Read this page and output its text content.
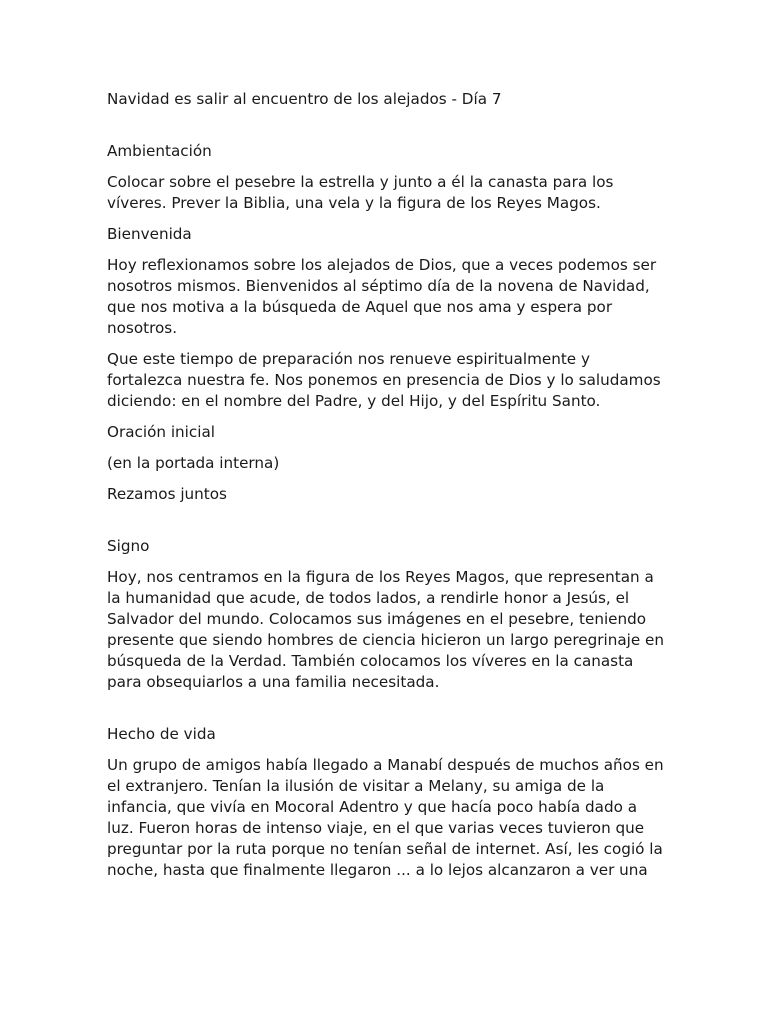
Navidad es salir al encuentro de los alejados - Día 7

Ambientación

Colocar sobre el pesebre la estrella y junto a él la canasta para los víveres. Prever la Biblia, una vela y la figura de los Reyes Magos.

Bienvenida

Hoy reflexionamos sobre los alejados de Dios, que a veces podemos ser nosotros mismos. Bienvenidos al séptimo día de la novena de Navidad, que nos motiva a la búsqueda de Aquel que nos ama y espera por nosotros.

Que este tiempo de preparación nos renueve espiritualmente y fortalezca nuestra fe. Nos ponemos en presencia de Dios y lo saludamos diciendo: en el nombre del Padre, y del Hijo, y del Espíritu Santo.

Oración inicial

(en la portada interna)

Rezamos juntos

Signo

Hoy, nos centramos en la figura de los Reyes Magos, que representan a la humanidad que acude, de todos lados, a rendirle honor a Jesús, el Salvador del mundo. Colocamos sus imágenes en el pesebre, teniendo presente que siendo hombres de ciencia hicieron un largo peregrinaje en búsqueda de la Verdad. También colocamos los víveres en la canasta para obsequiarlos a una familia necesitada.

Hecho de vida

Un grupo de amigos había llegado a Manabí después de muchos años en el extranjero. Tenían la ilusión de visitar a Melany, su amiga de la infancia, que vivía en Mocoral Adentro y que hacía poco había dado a luz. Fueron horas de intenso viaje, en el que varias veces tuvieron que preguntar por la ruta porque no tenían señal de internet. Así, les cogió la noche, hasta que finalmente llegaron ... a lo lejos alcanzaron a ver una
